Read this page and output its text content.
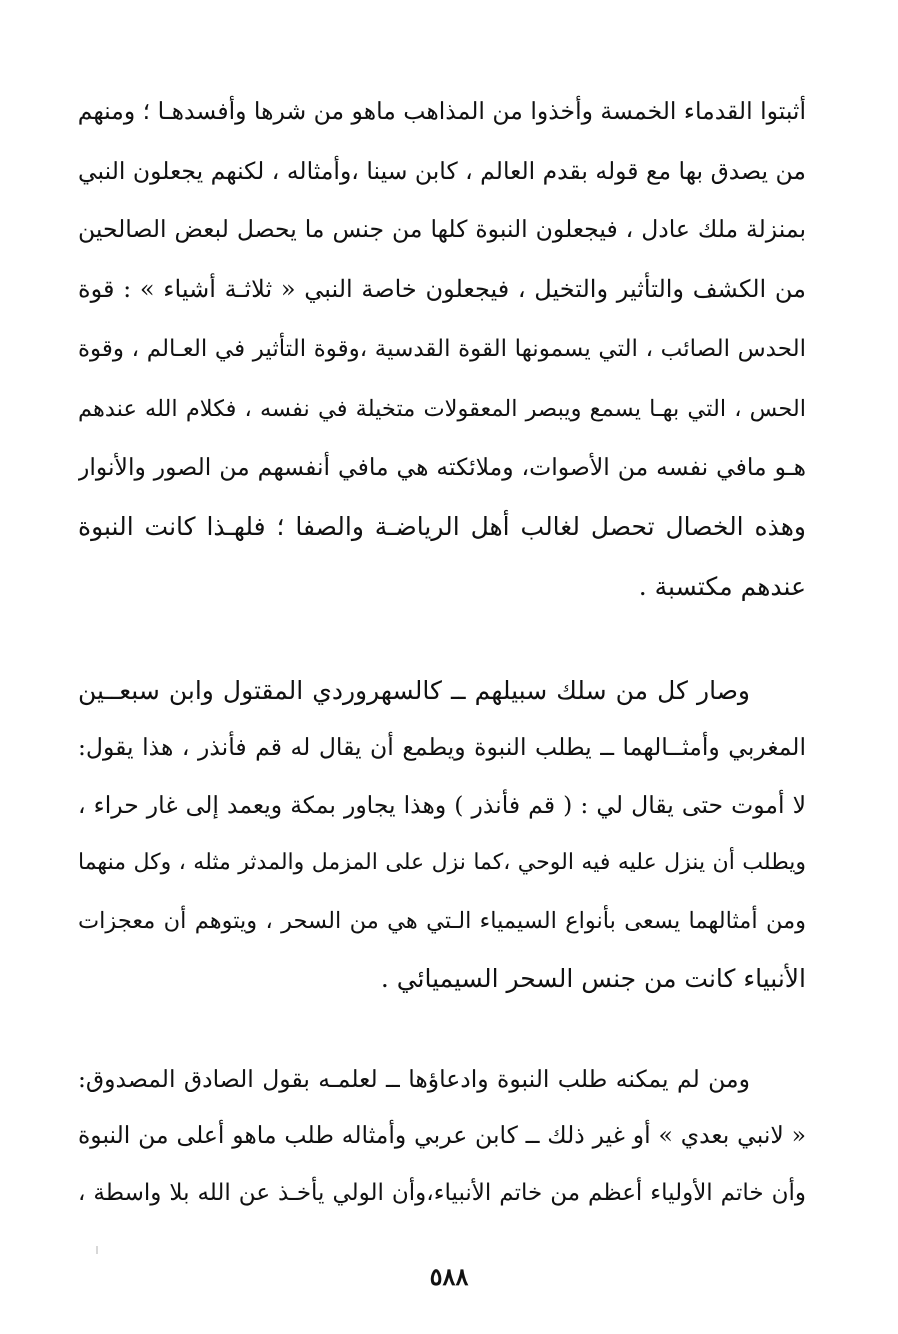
أثبتوا القدماء الخمسة وأخذوا من المذاهب ماهو من شرها وأفسدهـا ؛ ومنهم
من يصدق بها مع قوله بقدم العالم ، كابن سينا ،وأمثاله ، لكنهم يجعلون النبي
بمنزلة ملك عادل ، فيجعلون النبوة كلها من جنس ما يحصل لبعض الصالحين
من الكشف والتأثير والتخيل ، فيجعلون خاصة النبي « ثلاثـة أشياء » : قوة
الحدس الصائب ، التي يسمونها القوة القدسية ،وقوة التأثير في العـالم ، وقوة
الحس ، التي بهـا يسمع ويبصر المعقولات متخيلة في نفسه ، فكلام الله عندهم
هـو مافي نفسه من الأصوات، وملائكته هي مافي أنفسهم من الصور والأنوار
وهذه الخصال تحصل لغالب أهل الرياضـة والصفا ؛ فلهـذا كانت النبوة
عندهم مكتسبة .
وصار كل من سلك سبيلهم ــ كالسهروردي المقتول وابن سبعــين
المغربي وأمثــالهما ــ يطلب النبوة ويطمع أن يقال له قم فأنذر ، هذا يقول:
لا أموت حتى يقال لي : ( قم فأنذر ) وهذا يجاور بمكة ويعمد إلى غار حراء ،
ويطلب أن ينزل عليه فيه الوحي ،كما نزل على المزمل والمدثر مثله ، وكل منهما
ومن أمثالهما يسعى بأنواع السيمياء الـتي هي من السحر ، ويتوهم أن معجزات
الأنبياء كانت من جنس السحر السيميائي .
ومن لم يمكنه طلب النبوة وادعاؤها ــ لعلمـه بقول الصادق المصدوق:
« لانبي بعدي » أو غير ذلك ــ كابن عربي وأمثاله طلب ماهو أعلى من النبوة
وأن خاتم الأولياء أعظم من خاتم الأنبياء،وأن الولي يأخـذ عن الله بلا واسطة ،
٥٨٨
